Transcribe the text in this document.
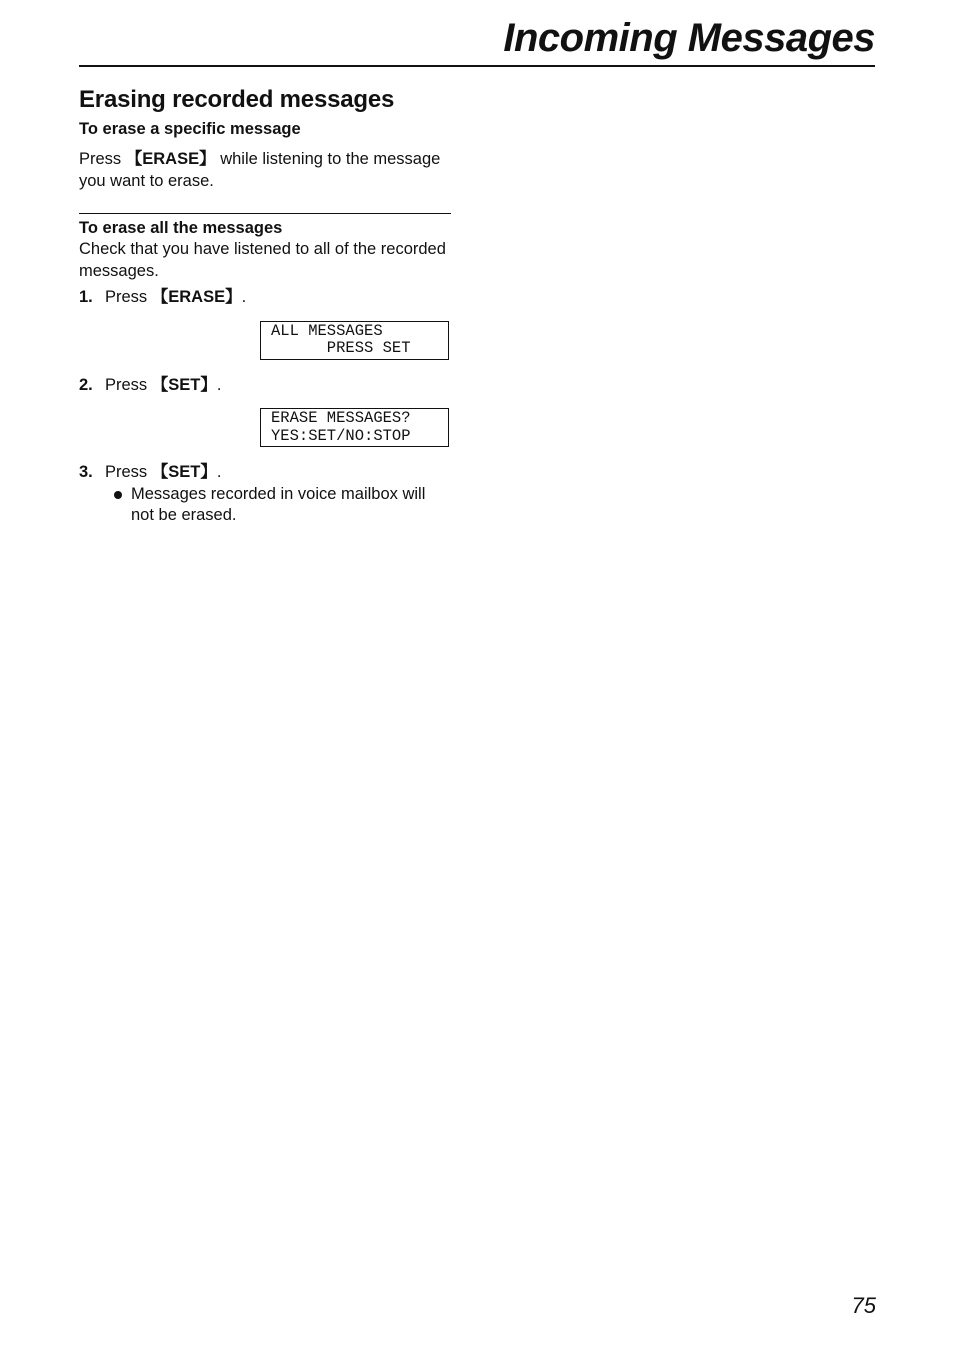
Incoming Messages
Erasing recorded messages
To erase a specific message

Press 【ERASE】 while listening to the message you want to erase.

To erase all the messages

Check that you have listened to all of the recorded messages.

1. Press 【ERASE】.
ALL MESSAGES
PRESS SET
2. Press 【SET】.
ERASE MESSAGES?
YES:SET/NO:STOP
3. Press 【SET】.
Messages recorded in voice mailbox will not be erased.

75
